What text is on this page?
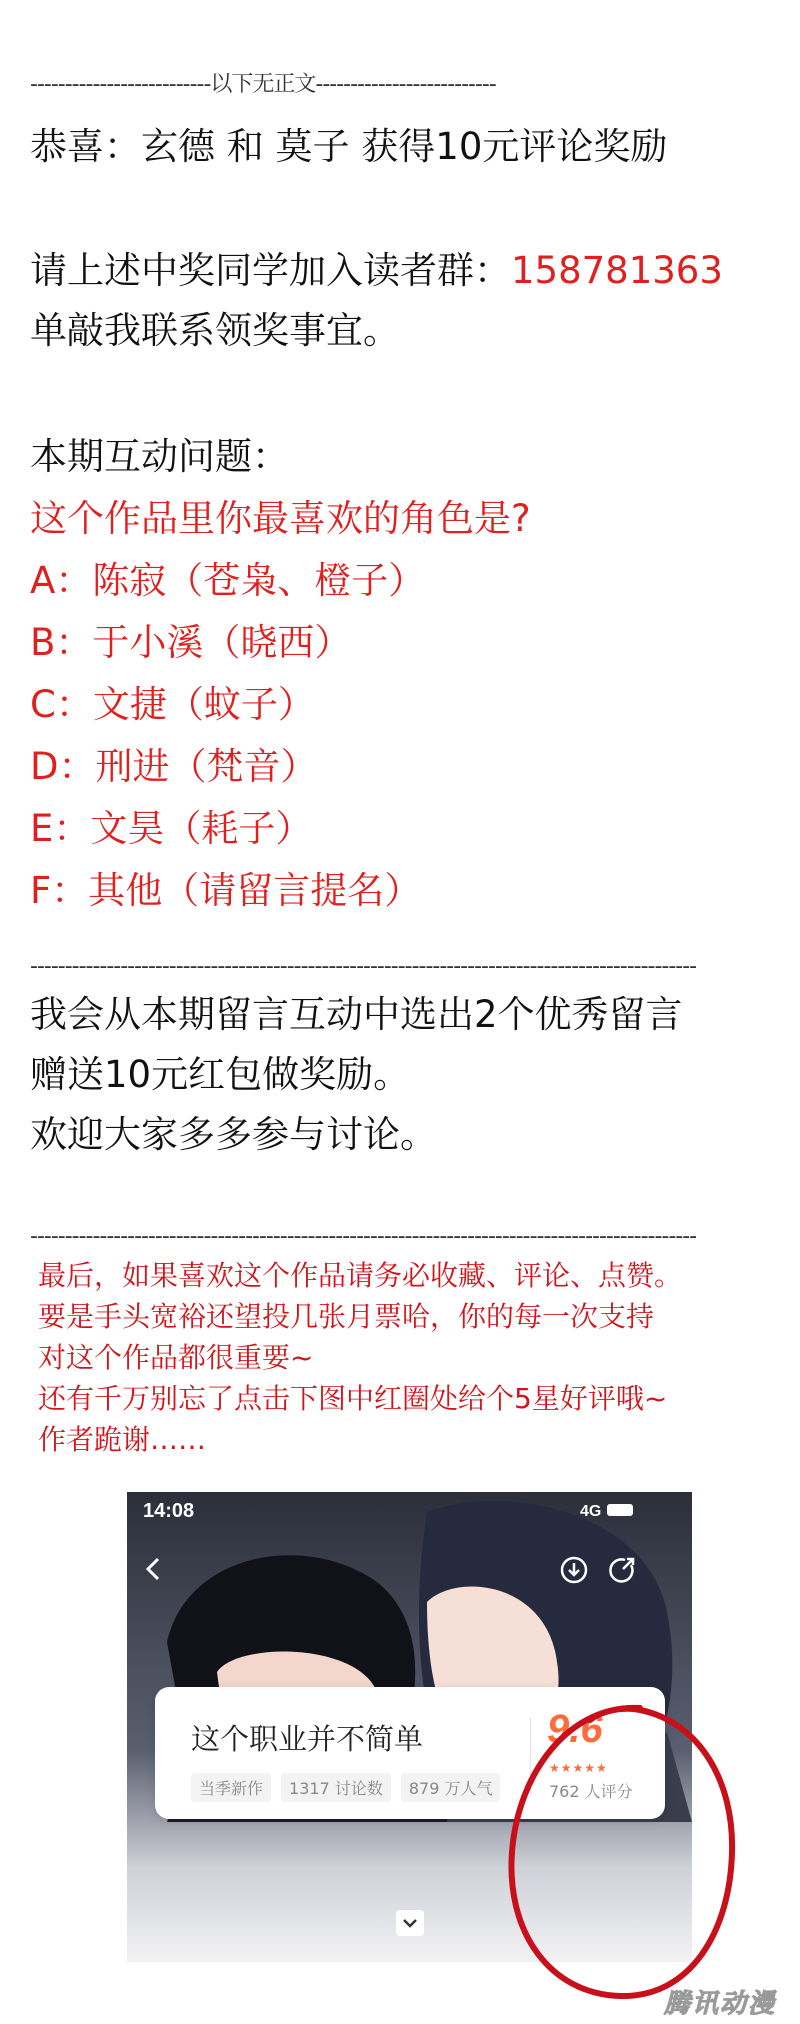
--------------------------以下无正文--------------------------
恭喜：玄德 和 莫子 获得10元评论奖励
请上述中奖同学加入读者群：158781363
单敲我联系领奖事宜。
本期互动问题：
这个作品里你最喜欢的角色是?
A：陈寂（苍枭、橙子）
B：于小溪（晓西）
C：文捷（蚊子）
D：刑进（梵音）
E：文昊（耗子）
F：其他（请留言提名）
------------------------------------------------------------------------------------------------
我会从本期留言互动中选出2个优秀留言
赠送10元红包做奖励。
欢迎大家多多参与讨论。
------------------------------------------------------------------------------------------------
最后，如果喜欢这个作品请务必收藏、评论、点赞。
要是手头宽裕还望投几张月票哈，你的每一次支持
对这个作品都很重要~
还有千万别忘了点击下图中红圈处给个5星好评哦~
作者跪谢……
14:08	4G
这个职业并不简单
当季新作	1317 讨论数	879 万人气
9.6
★★★★★
762 人评分
腾讯动漫
